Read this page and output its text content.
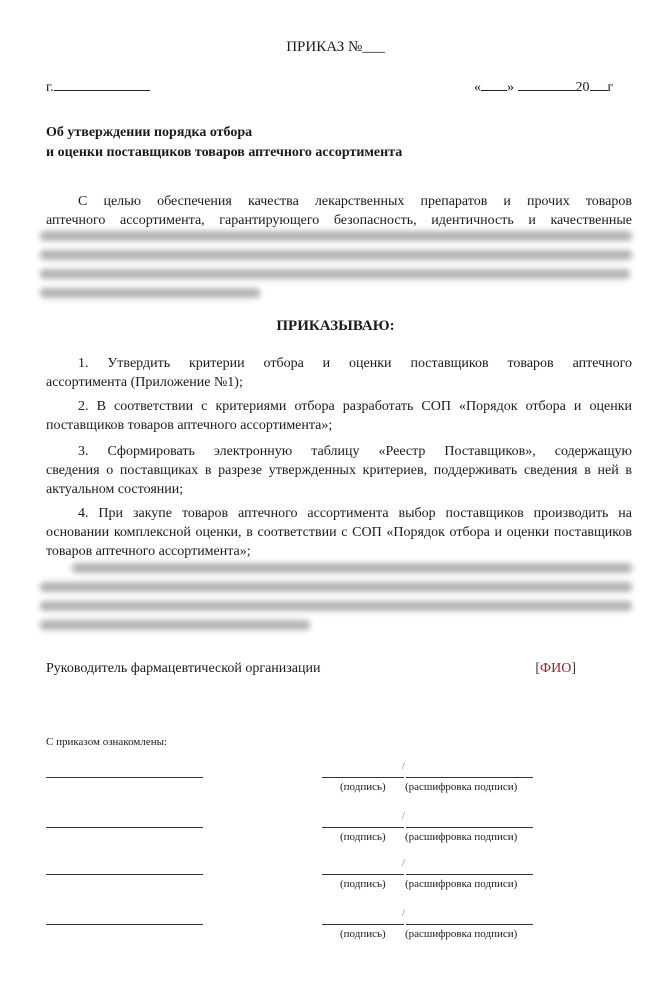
ПРИКАЗ №___
г.	« »	20 г
Об утверждении порядка отбора
и оценки поставщиков товаров аптечного ассортимента
С целью обеспечения качества лекарственных препаратов и прочих товаров
аптечного ассортимента, гарантирующего безопасность, идентичность и качественные
ПРИКАЗЫВАЮ:
1. Утвердить критерии отбора и оценки поставщиков товаров аптечного
ассортимента (Приложение №1);
2. В соответствии с критериями отбора разработать СОП «Порядок отбора и оценки
поставщиков товаров аптечного ассортимента»;
3. Сформировать электронную таблицу «Реестр Поставщиков», содержащую
сведения о поставщиках в разрезе утвержденных критериев, поддерживать сведения в ней в актуальном состоянии;
4. При закупе товаров аптечного ассортимента выбор поставщиков производить на
основании комплексной оценки, в соответствии с СОП «Порядок отбора и оценки поставщиков товаров аптечного ассортимента»;
Руководитель фармацевтической организации	[ФИО]
С приказом ознакомлены:
/
(подпись) (расшифровка подписи)
/
(подпись) (расшифровка подписи)
/
(подпись) (расшифровка подписи)
/
(подпись) (расшифровка подписи)
